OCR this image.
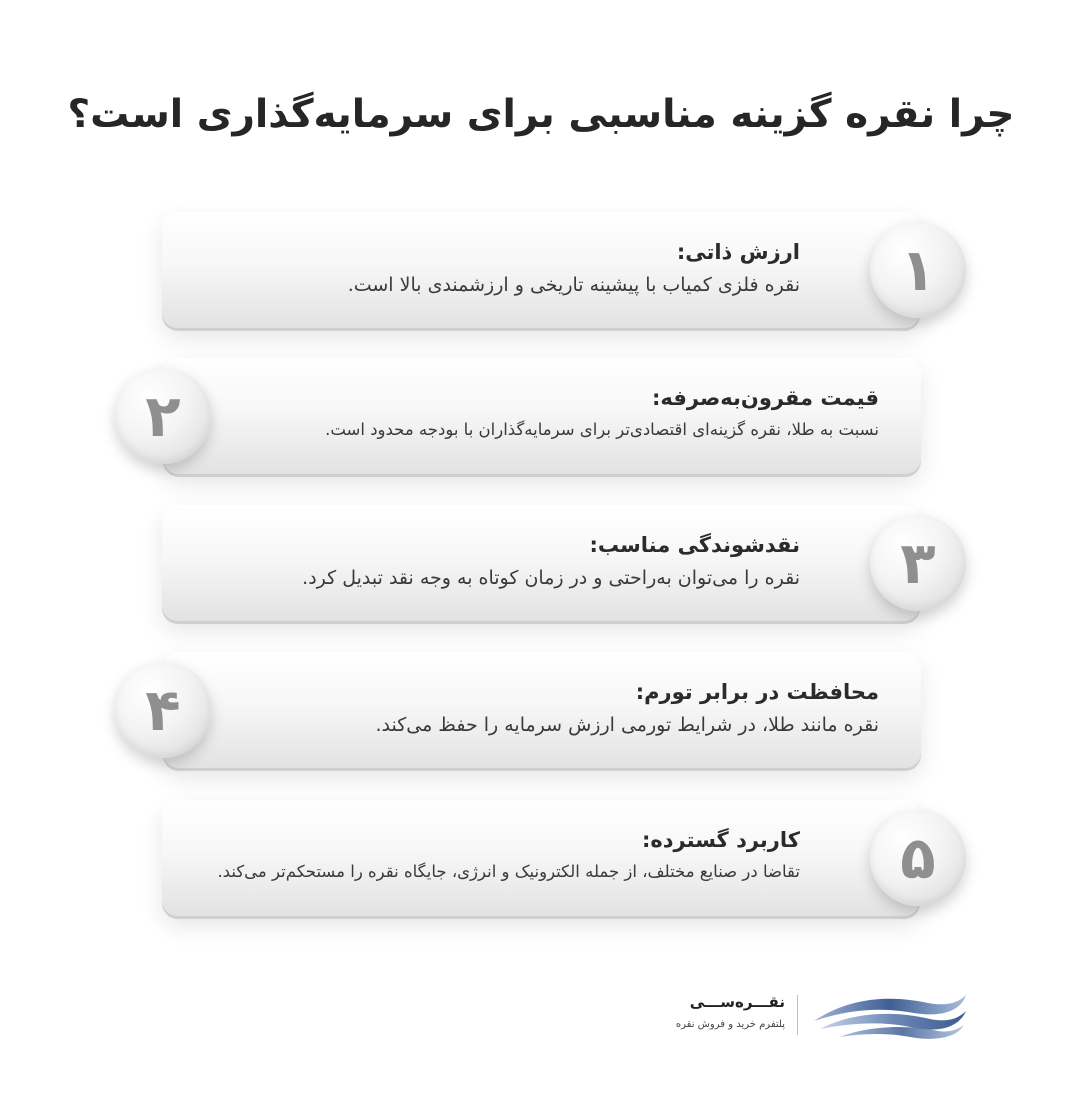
چرا نقره گزینه مناسبی برای سرمایه‌گذاری است؟
ارزش ذاتی:
نقره فلزی کمیاب با پیشینه تاریخی و ارزشمندی بالا است.	۱
قیمت مقرون‌به‌صرفه:
نسبت به طلا، نقره گزینه‌ای اقتصادی‌تر برای سرمایه‌گذاران با بودجه محدود است.
۲
نقدشوندگی مناسب:
نقره را می‌توان به‌راحتی و در زمان کوتاه به وجه نقد تبدیل کرد.	۳
محافظت در برابر تورم:
نقره مانند طلا، در شرایط تورمی ارزش سرمایه را حفظ می‌کند.
۴
کاربرد گسترده:
تقاضا در صنایع مختلف، از جمله الکترونیک و انرژی، جایگاه نقره را مستحکم‌تر می‌کند.	۵
نقـــره‌ســـی
پلتفرم خرید و فروش نقره
